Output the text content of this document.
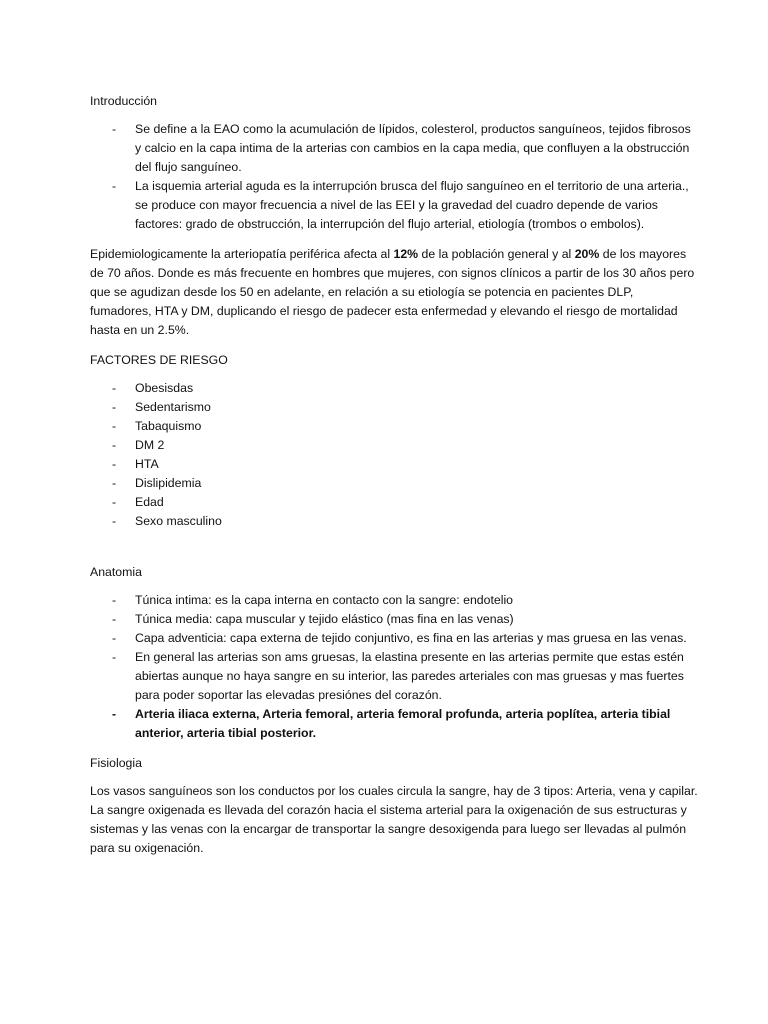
Introducción

- Se define a la EAO como la acumulación de lípidos, colesterol, productos sanguíneos, tejidos fibrosos y calcio en la capa intima de la arterias con cambios en la capa media, que confluyen a la obstrucción del flujo sanguíneo.
- La isquemia arterial aguda es la interrupción brusca del flujo sanguíneo en el territorio de una arteria., se produce con mayor frecuencia a nivel de las EEI y la gravedad del cuadro depende de varios factores: grado de obstrucción, la interrupción del flujo arterial, etiología (trombos o embolos).

Epidemiologicamente la arteriopatía periférica afecta al 12% de la población general y al 20% de los mayores de 70 años. Donde es más frecuente en hombres que mujeres, con signos clínicos a partir de los 30 años pero que se agudizan desde los 50 en adelante, en relación a su etiología se potencia en pacientes DLP, fumadores, HTA y DM, duplicando el riesgo de padecer esta enfermedad y elevando el riesgo de mortalidad hasta en un 2.5%.

FACTORES DE RIESGO

- Obesisdas
- Sedentarismo
- Tabaquismo
- DM 2
- HTA
- Dislipidemia
- Edad
- Sexo masculino

Anatomia

- Túnica intima: es la capa interna en contacto con la sangre: endotelio
- Túnica media: capa muscular y tejido elástico (mas fina en las venas)
- Capa adventicia: capa externa de tejido conjuntivo, es fina en las arterias y mas gruesa en las venas.
- En general las arterias son ams gruesas, la elastina presente en las arterias permite que estas estén abiertas aunque no haya sangre en su interior, las paredes arteriales con mas gruesas y mas fuertes para poder soportar las elevadas presiónes del corazón.
- Arteria iliaca externa, Arteria femoral, arteria femoral profunda, arteria poplítea, arteria tibial anterior, arteria tibial posterior.

Fisiologia

Los vasos sanguíneos son los conductos por los cuales circula la sangre, hay de 3 tipos: Arteria, vena y capilar. La sangre oxigenada es llevada del corazón hacia el sistema arterial para la oxigenación de sus estructuras y sistemas y las venas con la encargar de transportar la sangre desoxigenda para luego ser llevadas al pulmón para su oxigenación.
